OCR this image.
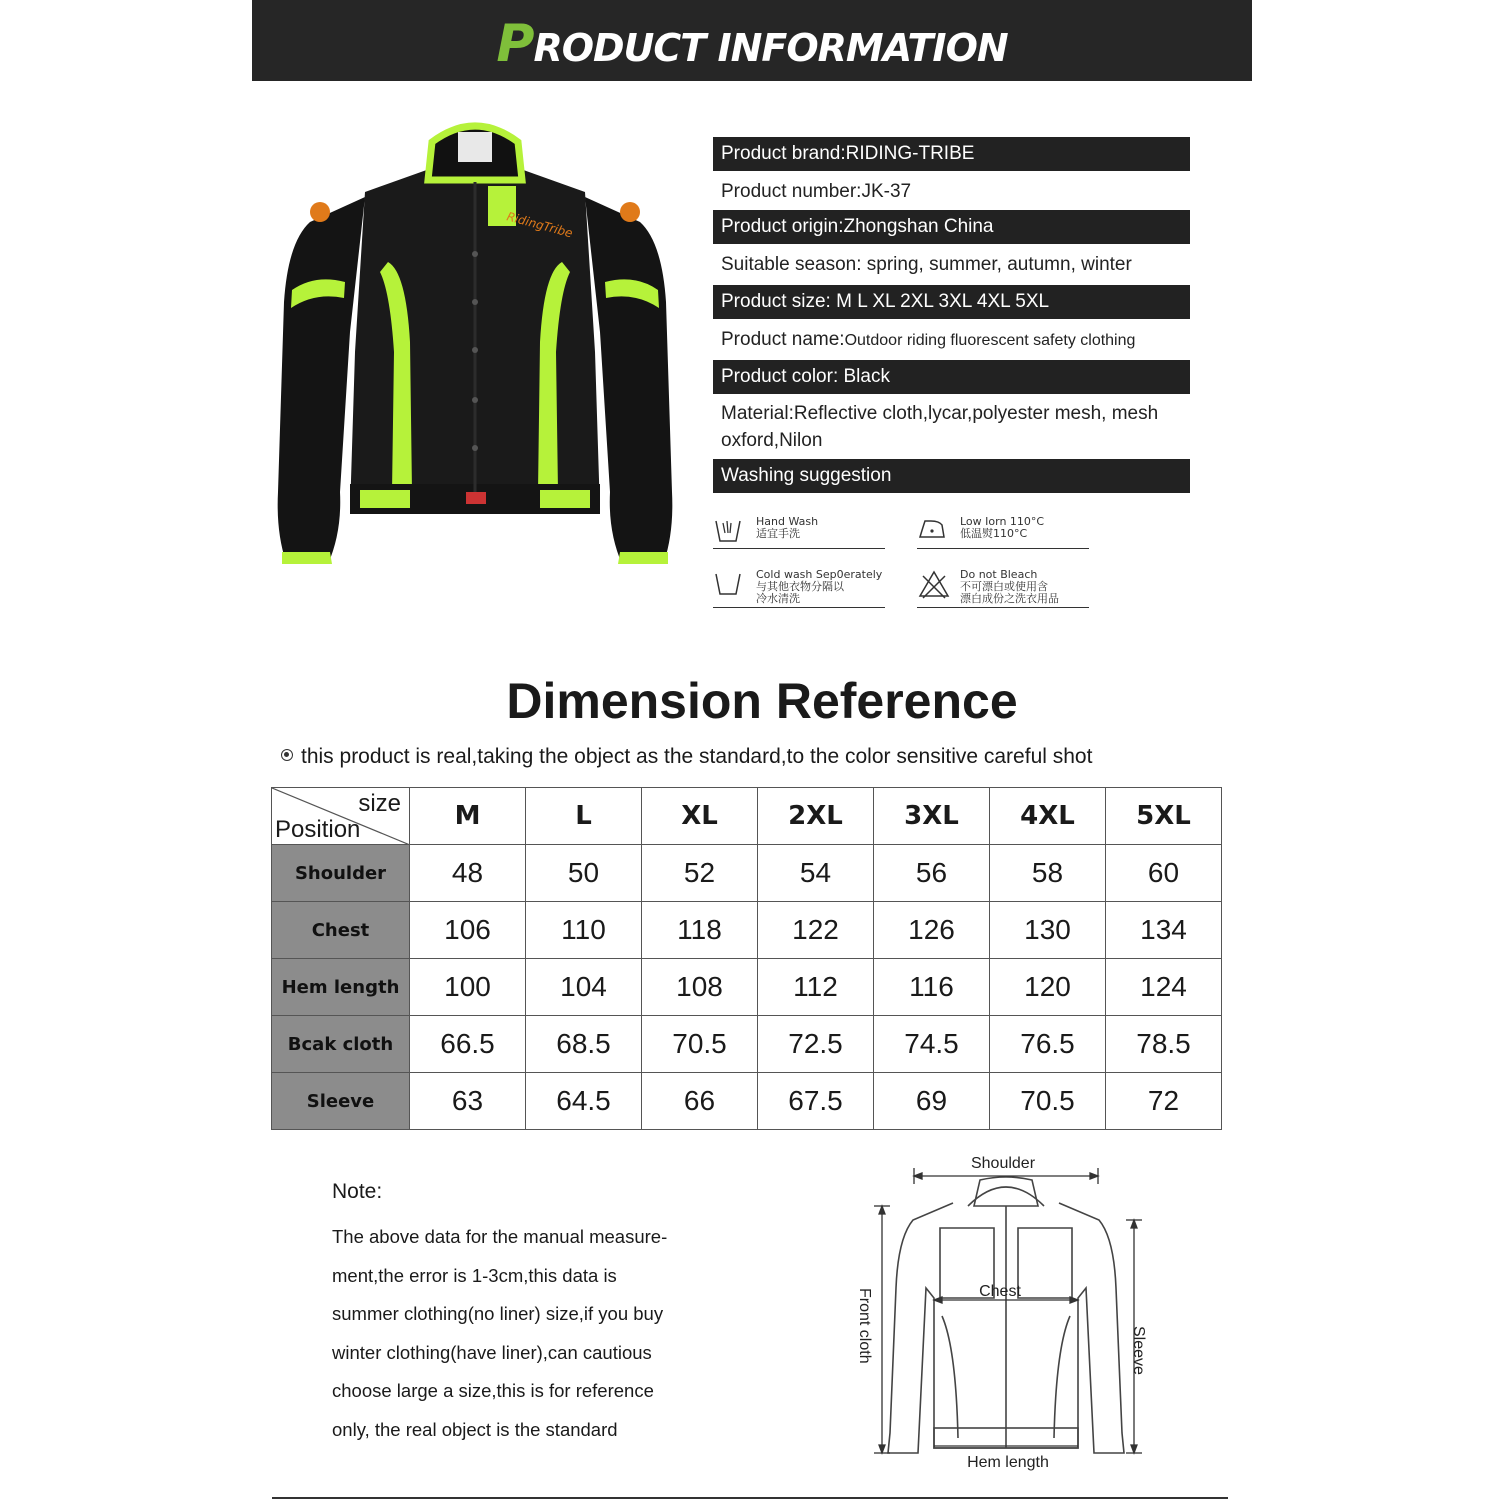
PRODUCT INFORMATION
RidingTribe
Product brand:RIDING-TRIBE
Product number:JK-37
Product origin:Zhongshan China
Suitable season: spring, summer, autumn, winter
Product size: M L XL 2XL 3XL 4XL 5XL
Product name:Outdoor riding fluorescent safety clothing
Product color: Black
Material:Reflective cloth,lycar,polyester mesh, mesh oxford,Nilon
Washing suggestion
Hand Wash
适宜手洗
Low Iorn 110°C
低温熨110°C
Cold wash Sep0erately
与其他衣物分隔以
冷水清洗
Do not Bleach
不可漂白或使用含
漂白成份之洗衣用品
Dimension Reference
this product is real,taking the object as the standard,to the color sensitive careful shot
size
Position	M	L	XL	2XL	3XL	4XL	5XL
Shoulder	48	50	52	54	56	58	60
Chest	106	110	118	122	126	130	134
Hem length	100	104	108	112	116	120	124
Bcak cloth	66.5	68.5	70.5	72.5	74.5	76.5	78.5
Sleeve	63	64.5	66	67.5	69	70.5	72
Note:
The above data for the manual measure-
ment,the error is 1-3cm,this data is
summer clothing(no liner) size,if you buy
winter clothing(have liner),can cautious
choose large a size,this is for reference
only, the real object is the standard
Shoulder
Chest
Front cloth	Sleeve
Hem length
